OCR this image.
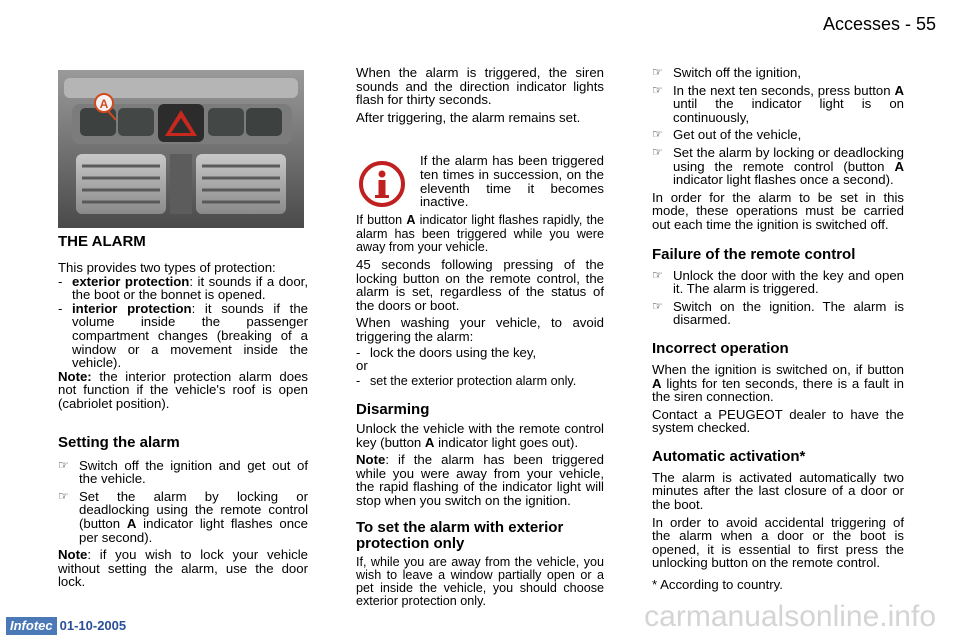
Accesses - 55
A
THE ALARM

This provides two types of protection:

- exterior protection: it sounds if a door, the boot or the bonnet is opened.
- interior protection: it sounds if the volume inside the passenger compartment changes (breaking of a window or a movement inside the vehicle).

Note: the interior protection alarm does not function if the vehicle's roof is open (cabriolet position).

Setting the alarm
☞ Switch off the ignition and get out of the vehicle.
☞ Set the alarm by locking or deadlocking using the remote control (button A indicator light flashes once per second).

Note: if you wish to lock your vehicle without setting the alarm, use the door lock.

When the alarm is triggered, the siren sounds and the direction indicator lights flash for thirty seconds.

After triggering, the alarm remains set.

If the alarm has been triggered ten times in succession, on the eleventh time it becomes inactive.

If button A indicator light flashes rapidly, the alarm has been triggered while you were away from your vehicle.

45 seconds following pressing of the locking button on the remote control, the alarm is set, regardless of the status of the doors or boot.

When washing your vehicle, to avoid triggering the alarm:

- lock the doors using the key,

or

- set the exterior protection alarm only.
Disarming

Unlock the vehicle with the remote control key (button A indicator light goes out).

Note: if the alarm has been triggered while you were away from your vehicle, the rapid flashing of the indicator light will stop when you switch on the ignition.

To set the alarm with exterior protection only

If, while you are away from the vehicle, you wish to leave a window partially open or a pet inside the vehicle, you should choose exterior protection only.

☞ Switch off the ignition,
☞ In the next ten seconds, press button A until the indicator light is on continuously,
☞ Get out of the vehicle,
☞ Set the alarm by locking or deadlocking using the remote control (button A indicator light flashes once a second).

In order for the alarm to be set in this mode, these operations must be carried out each time the ignition is switched off.

Failure of the remote control
☞ Unlock the door with the key and open it. The alarm is triggered.
☞ Switch on the ignition. The alarm is disarmed.
Incorrect operation

When the ignition is switched on, if button A lights for ten seconds, there is a fault in the siren connection.

Contact a PEUGEOT dealer to have the system checked.

Automatic activation*

The alarm is activated automatically two minutes after the last closure of a door or the boot.

In order to avoid accidental triggering of the alarm when a door or the boot is opened, it is essential to first press the unlocking button on the remote control.

* According to country.

Infotec 01-10-2005	carmanualsonline.info
